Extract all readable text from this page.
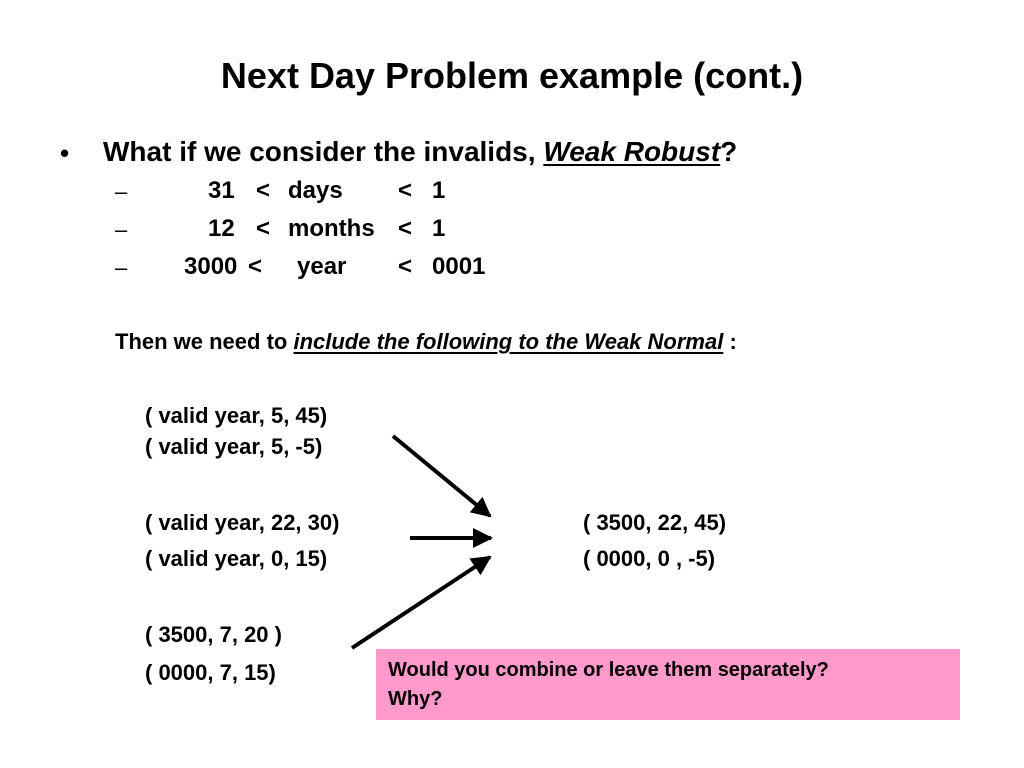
Next Day Problem example (cont.)
• What if we consider the invalids, Weak Robust?
–	31 < days < 1
–	12 < months < 1
– 3000 < year < 0001
Then we need to include the following to the Weak Normal :
( valid year, 5, 45)
( valid year, 5, -5)
( valid year, 22, 30)
( valid year, 0, 15)
( 3500, 7, 20 )
( 0000, 7, 15)
( 3500, 22, 45)
( 0000, 0 , -5)
Would you combine or leave them separately?
Why?
